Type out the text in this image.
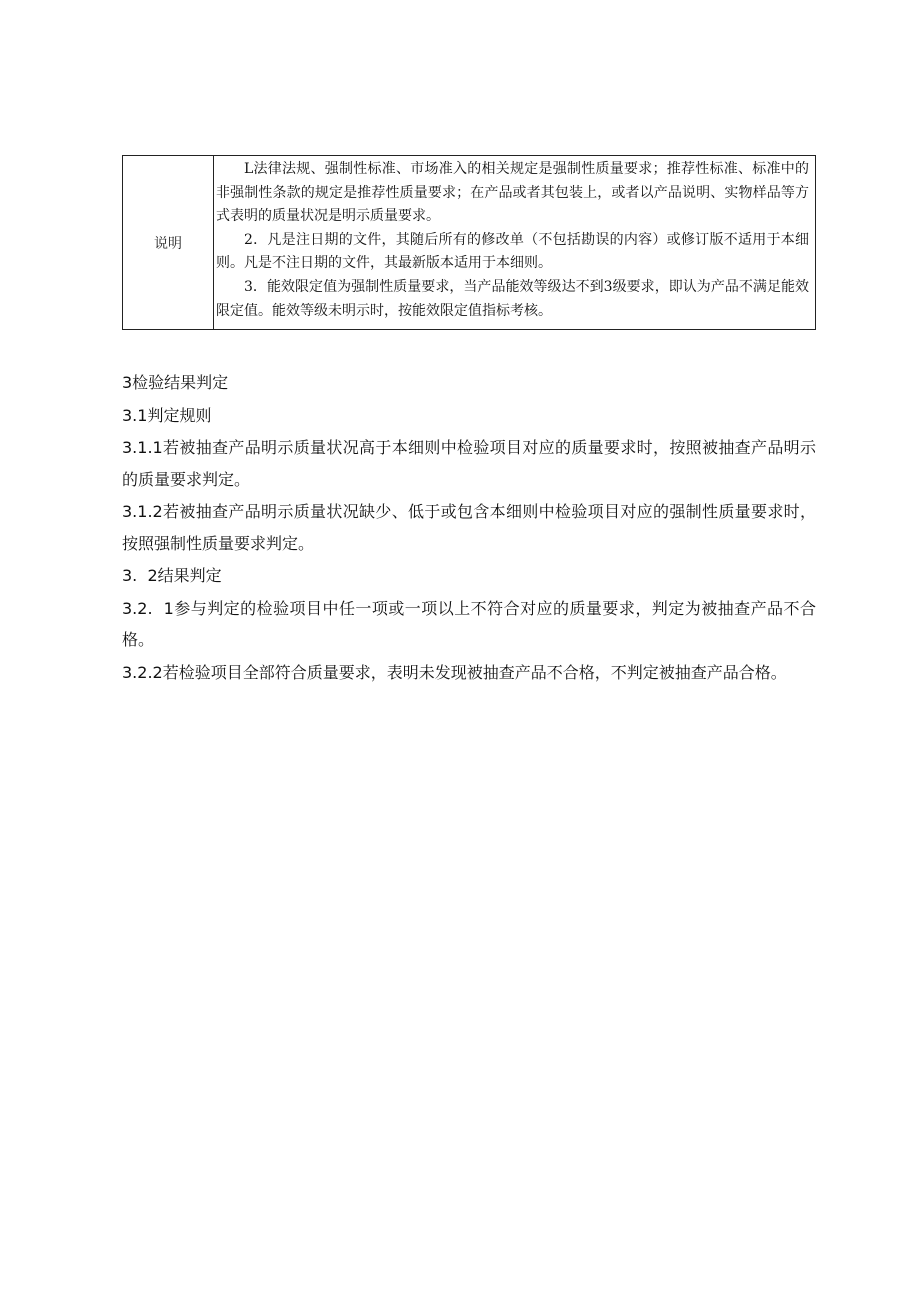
说明

L法律法规、强制性标准、市场准入的相关规定是强制性质量要求；推荐性标准、标准中的非强制性条款的规定是推荐性质量要求；在产品或者其包装上，或者以产品说明、实物样品等方式表明的质量状况是明示质量要求。

2．凡是注日期的文件，其随后所有的修改单（不包括勘误的内容）或修订版不适用于本细则。凡是不注日期的文件，其最新版本适用于本细则。

3．能效限定值为强制性质量要求，当产品能效等级达不到3级要求，即认为产品不满足能效限定值。能效等级未明示时，按能效限定值指标考核。

3检验结果判定

3.1判定规则

3.1.1若被抽查产品明示质量状况高于本细则中检验项目对应的质量要求时，按照被抽查产品明示的质量要求判定。

3.1.2若被抽查产品明示质量状况缺少、低于或包含本细则中检验项目对应的强制性质量要求时，按照强制性质量要求判定。

3.  2结果判定

3.2.  1参与判定的检验项目中任一项或一项以上不符合对应的质量要求，判定为被抽查产品不合格。

3.2.2若检验项目全部符合质量要求，表明未发现被抽查产品不合格，不判定被抽查产品合格。
